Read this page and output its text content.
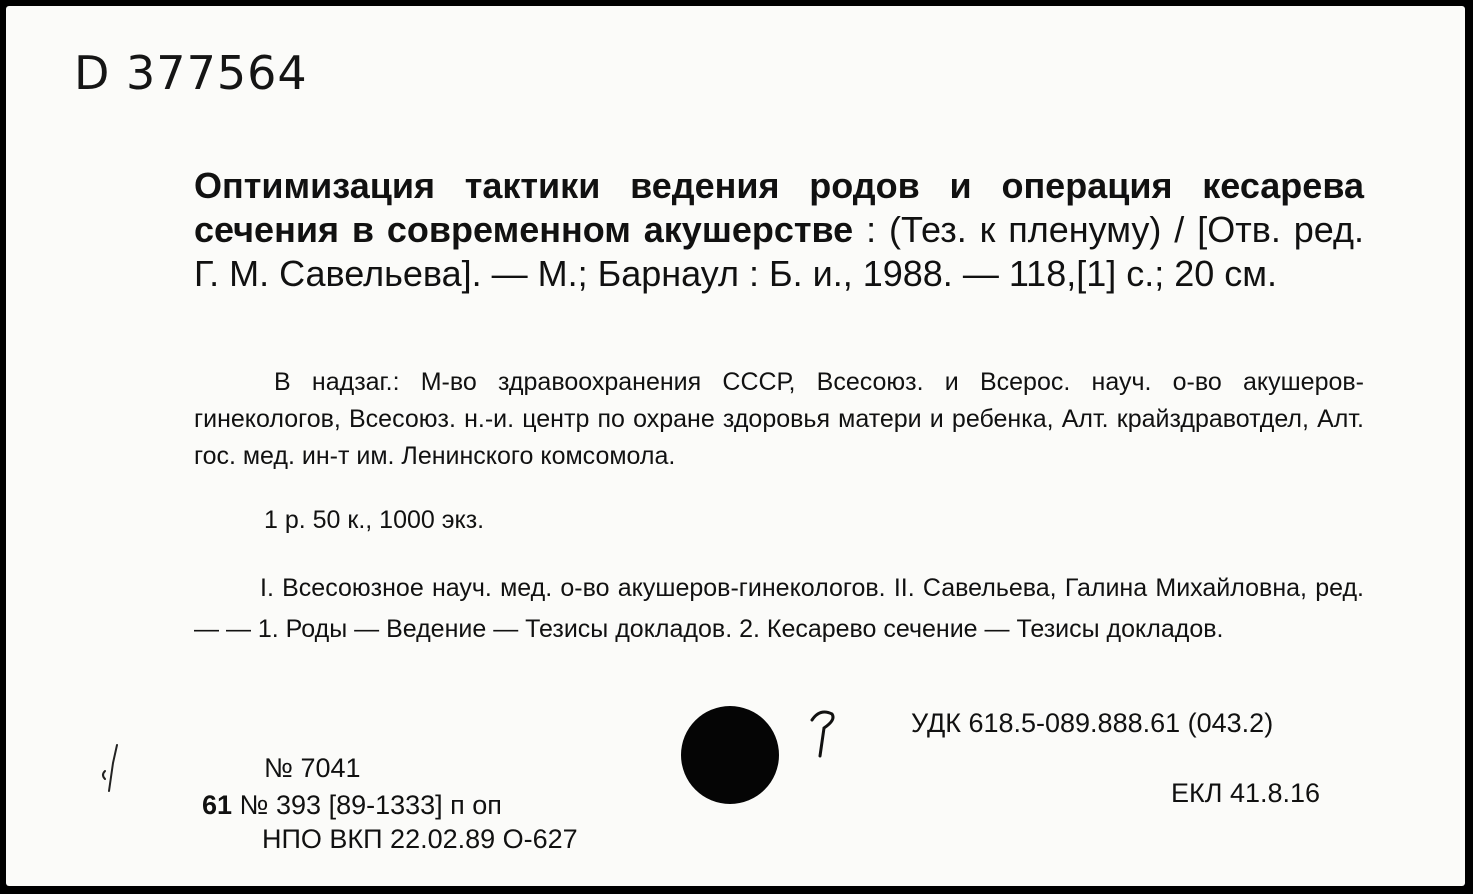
D 377564
Оптимизация тактики ведения родов и операция кесарева сечения в современном акушерстве : (Тез. к пленуму) / [Отв. ред. Г. М. Савельева]. — М.; Барнаул : Б. и., 1988. — 118,[1] с.; 20 см.
В надзаг.: М-во здравоохранения СССР, Всесоюз. и Всерос. науч. о-во акушеров-гинекологов, Всесоюз. н.-и. центр по охране здоровья матери и ребенка, Алт. крайздравотдел, Алт. гос. мед. ин-т им. Ленинского комсомола.
1 р. 50 к., 1000 экз.
I. Всесоюзное науч. мед. о-во акушеров-гинекологов. II. Савельева, Галина Михайловна, ред. — — 1. Роды — Ведение — Тезисы докладов. 2. Кесарево сечение — Тезисы докладов.
УДК 618.5-089.888.61 (043.2)
ЕКЛ 41.8.16
№ 7041
61 № 393 [89-1333] п оп
НПО ВКП 22.02.89 О-627
